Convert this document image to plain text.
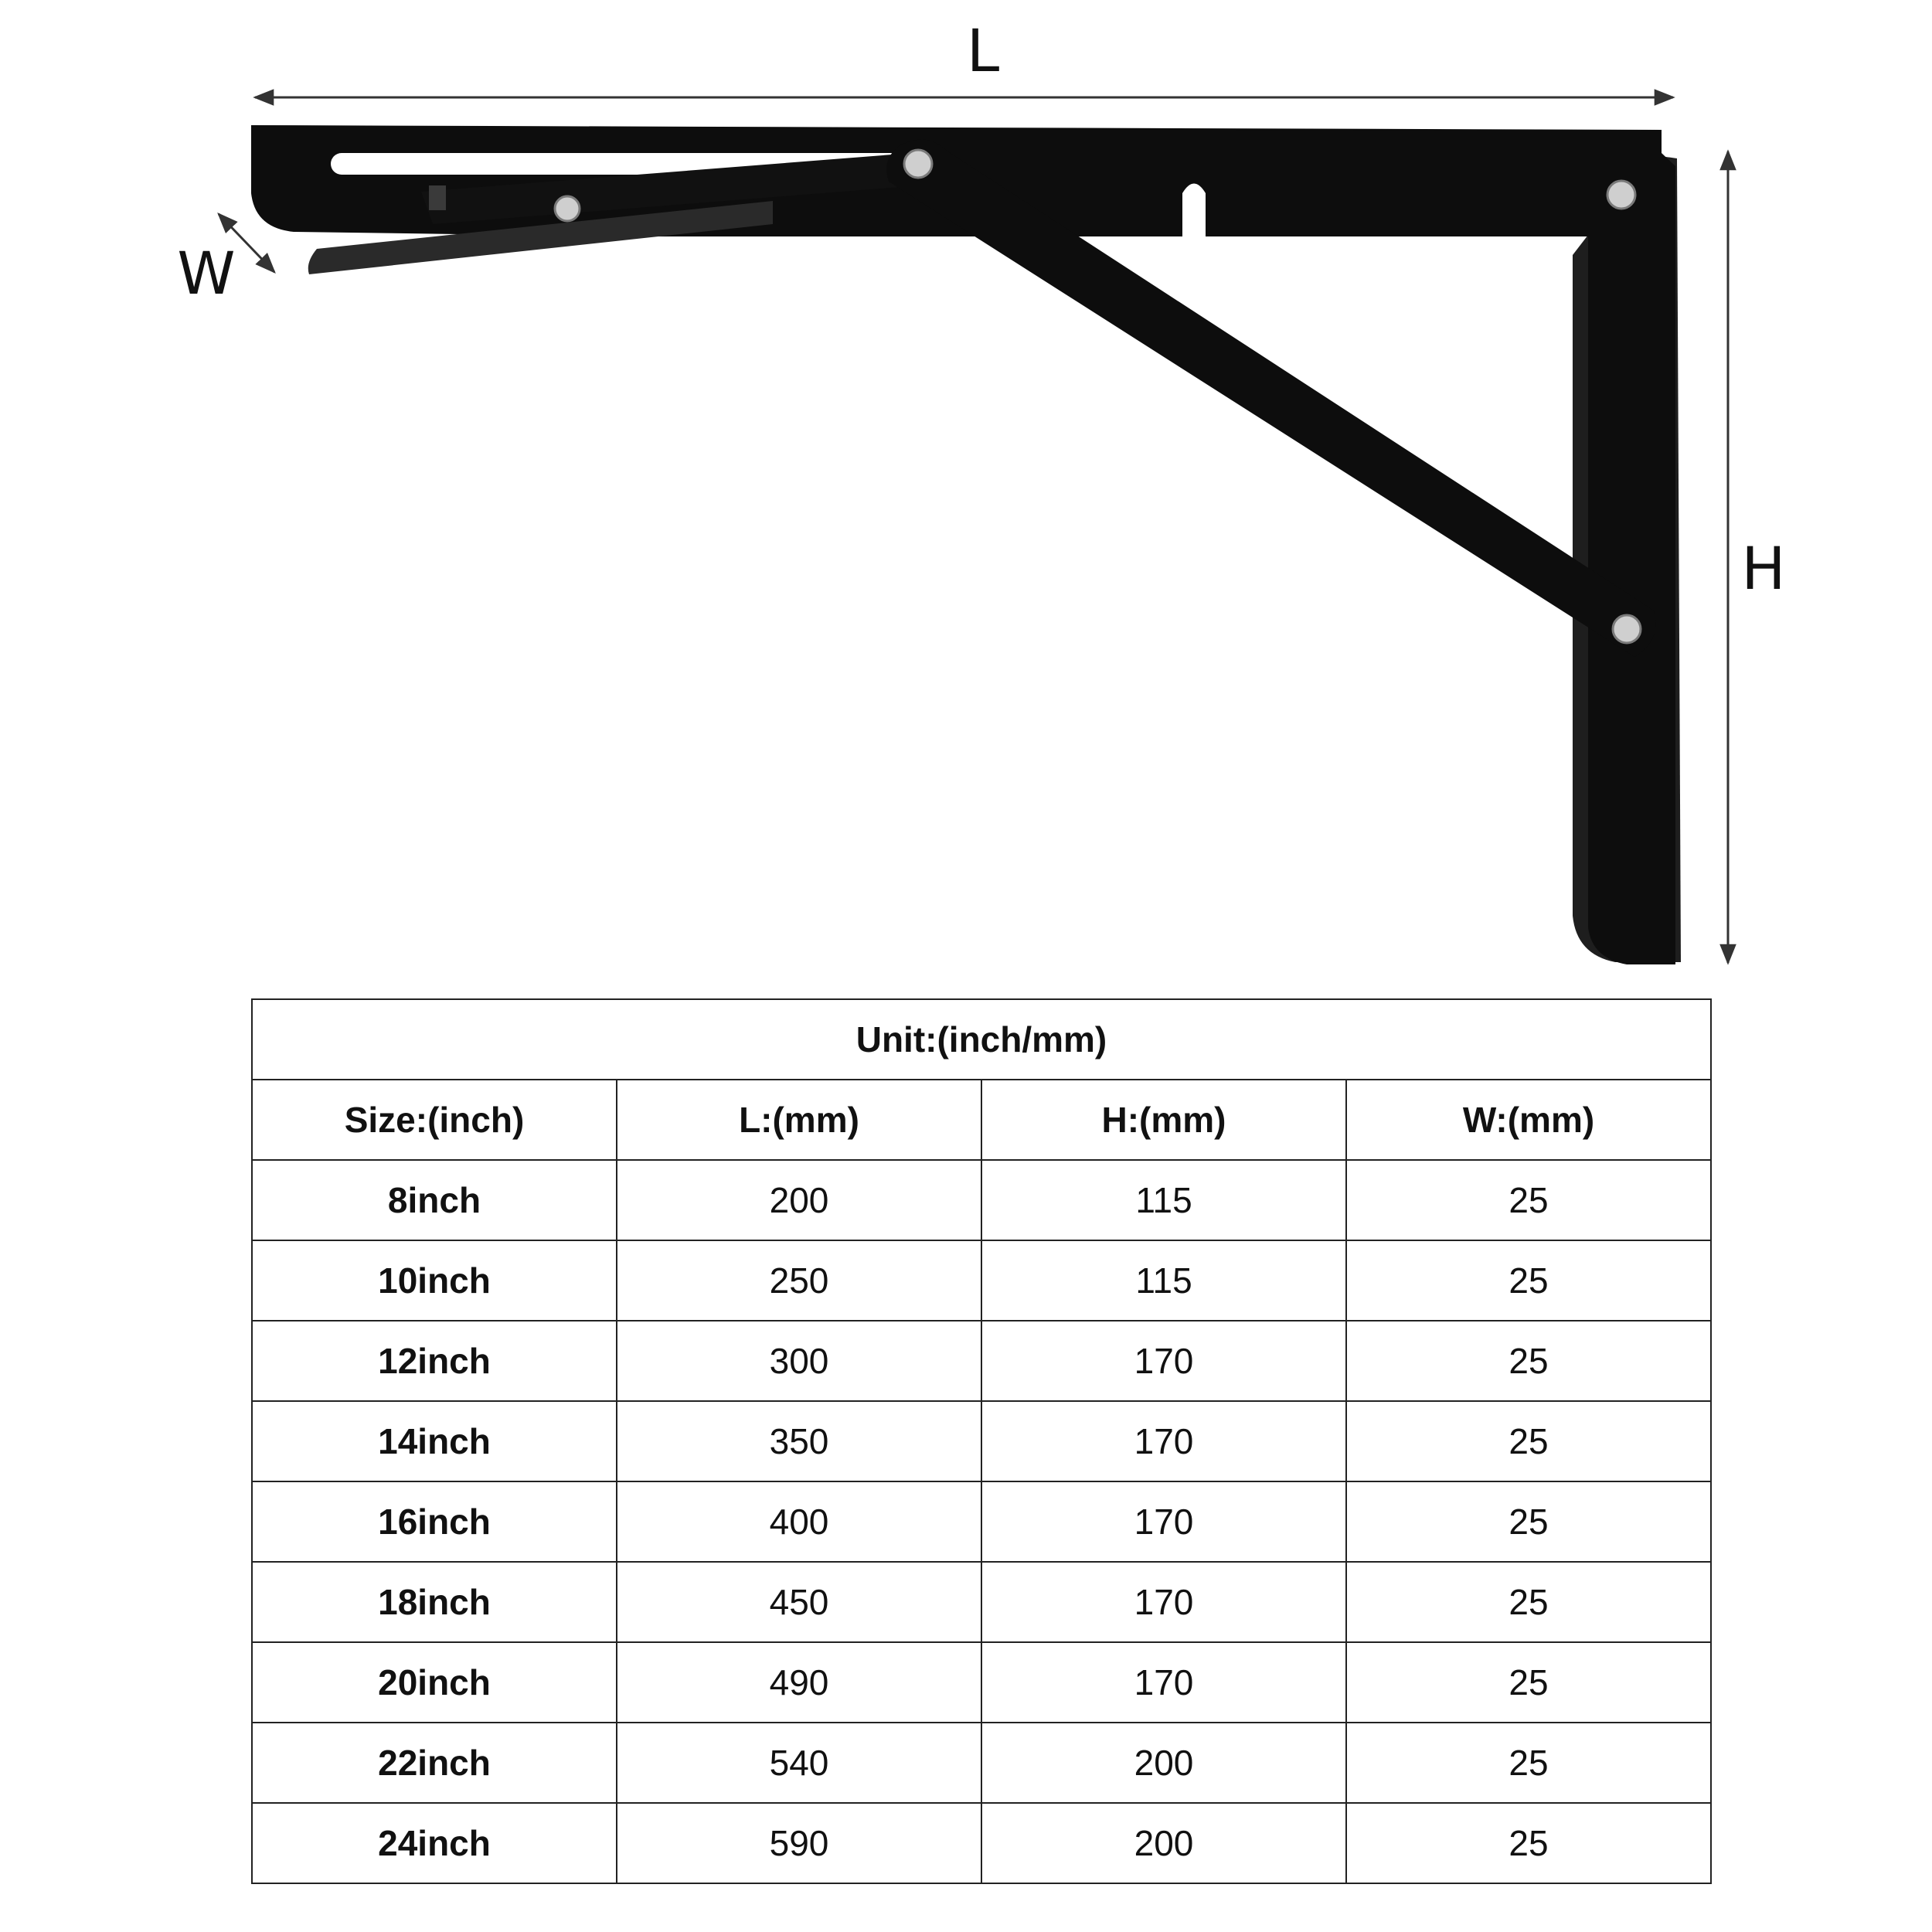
L
H
W
Unit:(inch/mm)			
Size:(inch)	L:(mm)	H:(mm)	W:(mm)
8inch	200	115	25
10inch	250	115	25
12inch	300	170	25
14inch	350	170	25
16inch	400	170	25
18inch	450	170	25
20inch	490	170	25
22inch	540	200	25
24inch	590	200	25
